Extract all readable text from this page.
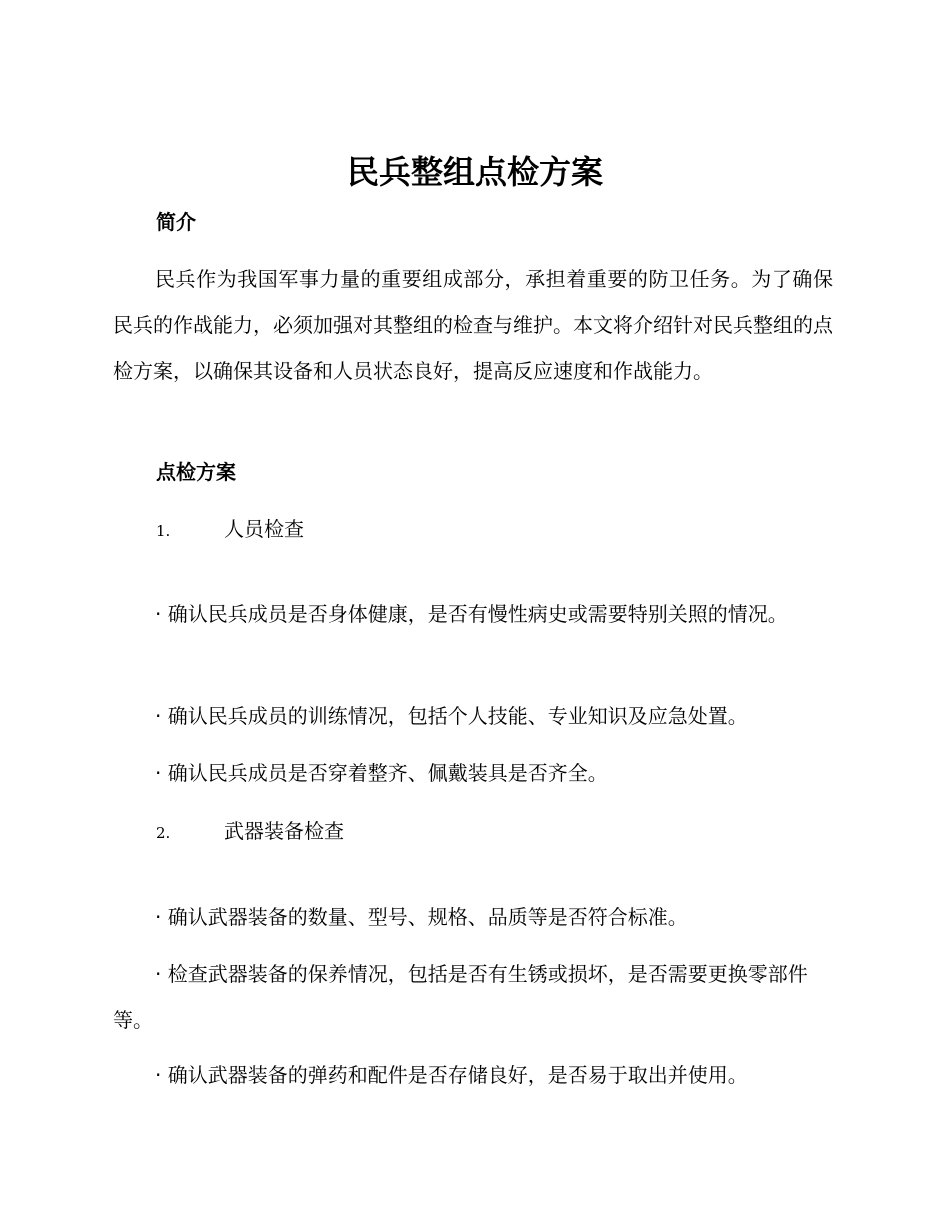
民兵整组点检方案
简介
民兵作为我国军事力量的重要组成部分，承担着重要的防卫任务。为了确保民兵的作战能力，必须加强对其整组的检查与维护。本文将介绍针对民兵整组的点检方案，以确保其设备和人员状态良好，提高反应速度和作战能力。
点检方案
1.	人员检查
· 确认民兵成员是否身体健康，是否有慢性病史或需要特别关照的情况。
· 确认民兵成员的训练情况，包括个人技能、专业知识及应急处置。
· 确认民兵成员是否穿着整齐、佩戴装具是否齐全。
2.	武器装备检查
· 确认武器装备的数量、型号、规格、品质等是否符合标准。
· 检查武器装备的保养情况，包括是否有生锈或损坏，是否需要更换零部件等。
· 确认武器装备的弹药和配件是否存储良好，是否易于取出并使用。
